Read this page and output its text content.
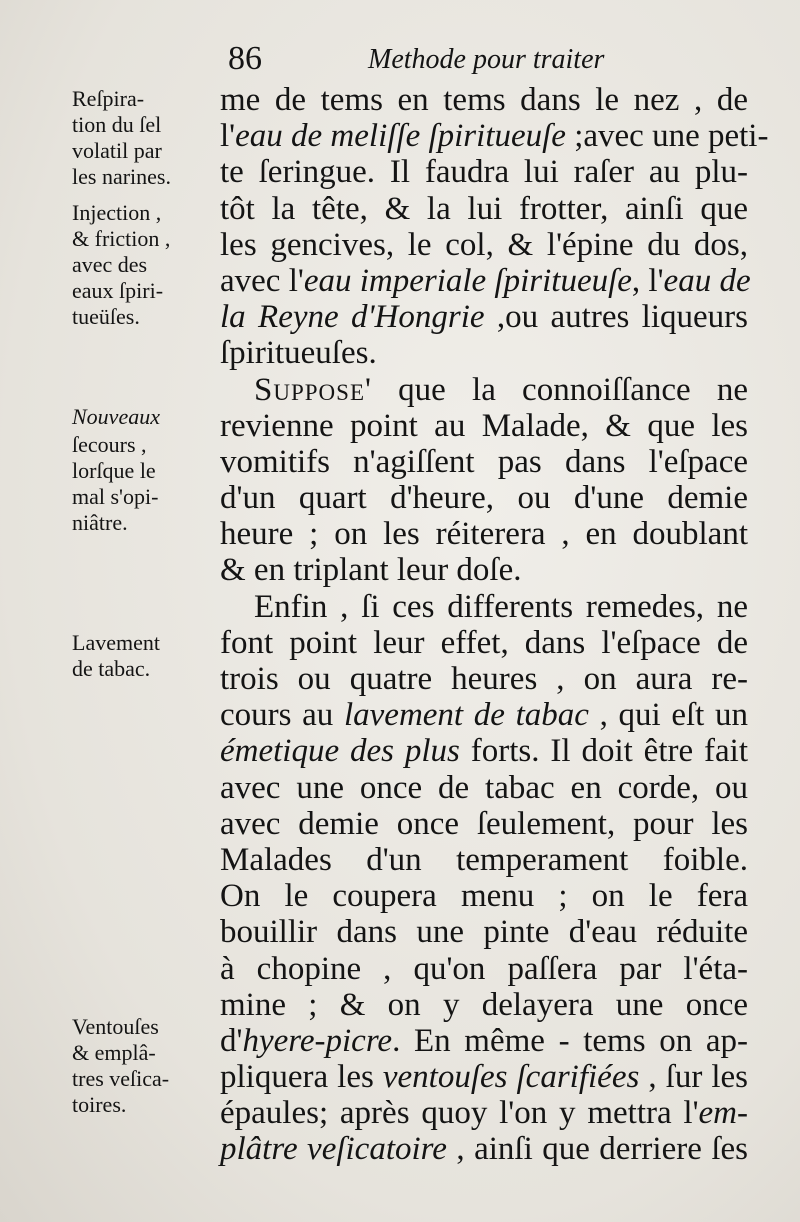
86	Methode pour traiter
Reſpira-
tion du ſel
volatil par
les narines.
Injection ,
& friction ,
avec des
eaux ſpiri-
tueüſes.
Nouveaux
ſecours ,
lorſque le
mal s'opi-
niâtre.
Lavement
de tabac.
Ventouſes
& emplâ-
tres veſica-
toires.
me de tems en tems dans le nez , de
l'eau de meliſſe ſpiritueuſe ;avec une peti-
te ſeringue. Il faudra lui raſer au plu-
tôt la tête, & la lui frotter, ainſi que
les gencives, le col, & l'épine du dos,
avec l'eau imperiale ſpiritueuſe, l'eau de
la Reyne d'Hongrie ,ou autres liqueurs
ſpiritueuſes.
Suppose' que la connoiſſance ne
revienne point au Malade, & que les
vomitifs n'agiſſent pas dans l'eſpace
d'un quart d'heure, ou d'une demie
heure ; on les réiterera , en doublant
& en triplant leur doſe.
Enfin , ſi ces differents remedes, ne
font point leur effet, dans l'eſpace de
trois ou quatre heures , on aura re-
cours au lavement de tabac , qui eſt un
émetique des plus forts. Il doit être fait
avec une once de tabac en corde, ou
avec demie once ſeulement, pour les
Malades d'un temperament foible.
On le coupera menu ; on le fera
bouillir dans une pinte d'eau réduite
à chopine , qu'on paſſera par l'éta-
mine ; & on y delayera une once
d'hyere-picre. En même - tems on ap-
pliquera les ventouſes ſcarifiées , ſur les
épaules; après quoy l'on y mettra l'em-
plâtre veſicatoire , ainſi que derriere ſes
